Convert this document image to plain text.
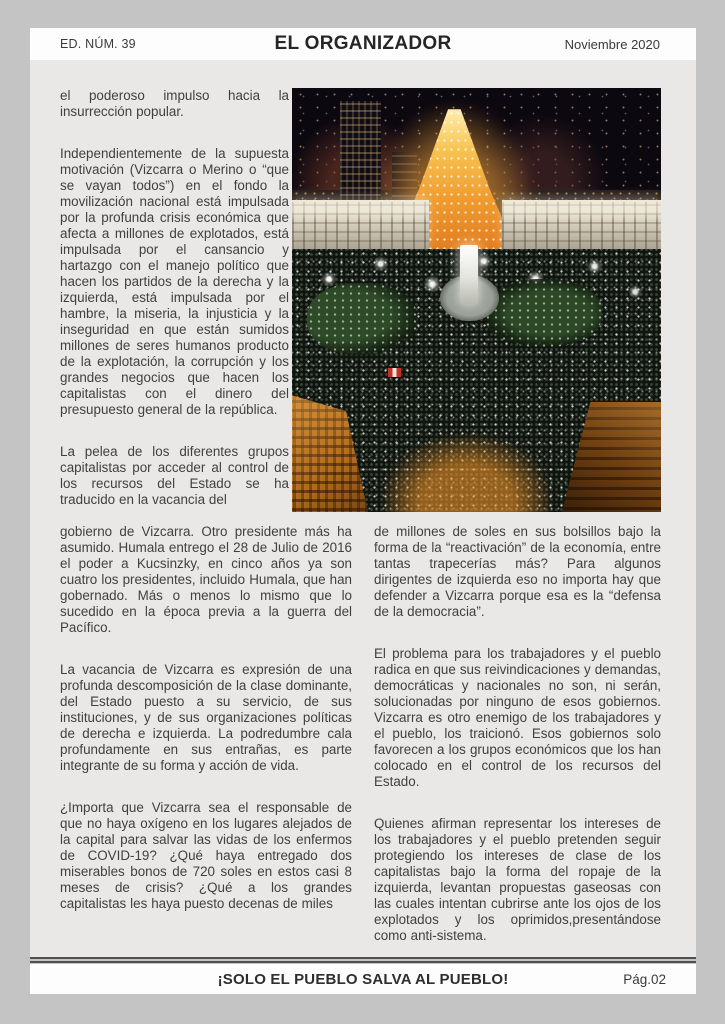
ED. NÚM. 39	EL ORGANIZADOR	Noviembre 2020

el poderoso impulso hacia la insurrección popular.

Independientemente de la supuesta motivación (Vizcarra o Merino o “que se vayan todos”) en el fondo la movilización nacional está impulsada por la profunda crisis económica que afecta a millones de explotados, está impulsada por el cansancio y hartazgo con el manejo político que hacen los partidos de la derecha y la izquierda, está impulsada por el hambre, la miseria, la injusticia y la inseguridad en que están sumidos millones de seres humanos producto de la explotación, la corrupción y los grandes negocios que hacen los capitalistas con el dinero del presupuesto general de la república.

La pelea de los diferentes grupos capitalistas por acceder al control de los recursos del Estado se ha traducido en la vacancia del

gobierno de Vizcarra. Otro presidente más ha asumido. Humala entrego el 28 de Julio de 2016 el poder a Kucsinzky, en cinco años ya son cuatro los presidentes, incluido Humala, que han gobernado. Más o menos lo mismo que lo sucedido en la época previa a la guerra del Pacífico.

La vacancia de Vizcarra es expresión de una profunda descomposición de la clase dominante, del Estado puesto a su servicio, de sus instituciones, y de sus organizaciones políticas de derecha e izquierda. La podredumbre cala profundamente en sus entrañas, es parte integrante de su forma y acción de vida.

¿Importa que Vizcarra sea el responsable de que no haya oxígeno en los lugares alejados de la capital para salvar las vidas de los enfermos de COVID-19? ¿Qué haya entregado dos miserables bonos de 720 soles en estos casi 8 meses de crisis? ¿Qué a los grandes capitalistas les haya puesto decenas de miles

de millones de soles en sus bolsillos bajo la forma de la “reactivación” de la economía, entre tantas trapecerías más? Para algunos dirigentes de izquierda eso no importa hay que defender a Vizcarra porque esa es la “defensa de la democracia”.

El problema para los trabajadores y el pueblo radica en que sus reivindicaciones y demandas, democráticas y nacionales no son, ni serán, solucionadas por ninguno de esos gobiernos. Vizcarra es otro enemigo de los trabajadores y el pueblo, los traicionó. Esos gobiernos solo favorecen a los grupos económicos que los han colocado en el control de los recursos del Estado.

Quienes afirman representar los intereses de los trabajadores y el pueblo pretenden seguir protegiendo los intereses de clase de los capitalistas bajo la forma del ropaje de la izquierda, levantan propuestas gaseosas con las cuales intentan cubrirse ante los ojos de los explotados y los oprimidos,presentándose como anti-sistema.

¡SOLO EL PUEBLO SALVA AL PUEBLO!	Pág.02
